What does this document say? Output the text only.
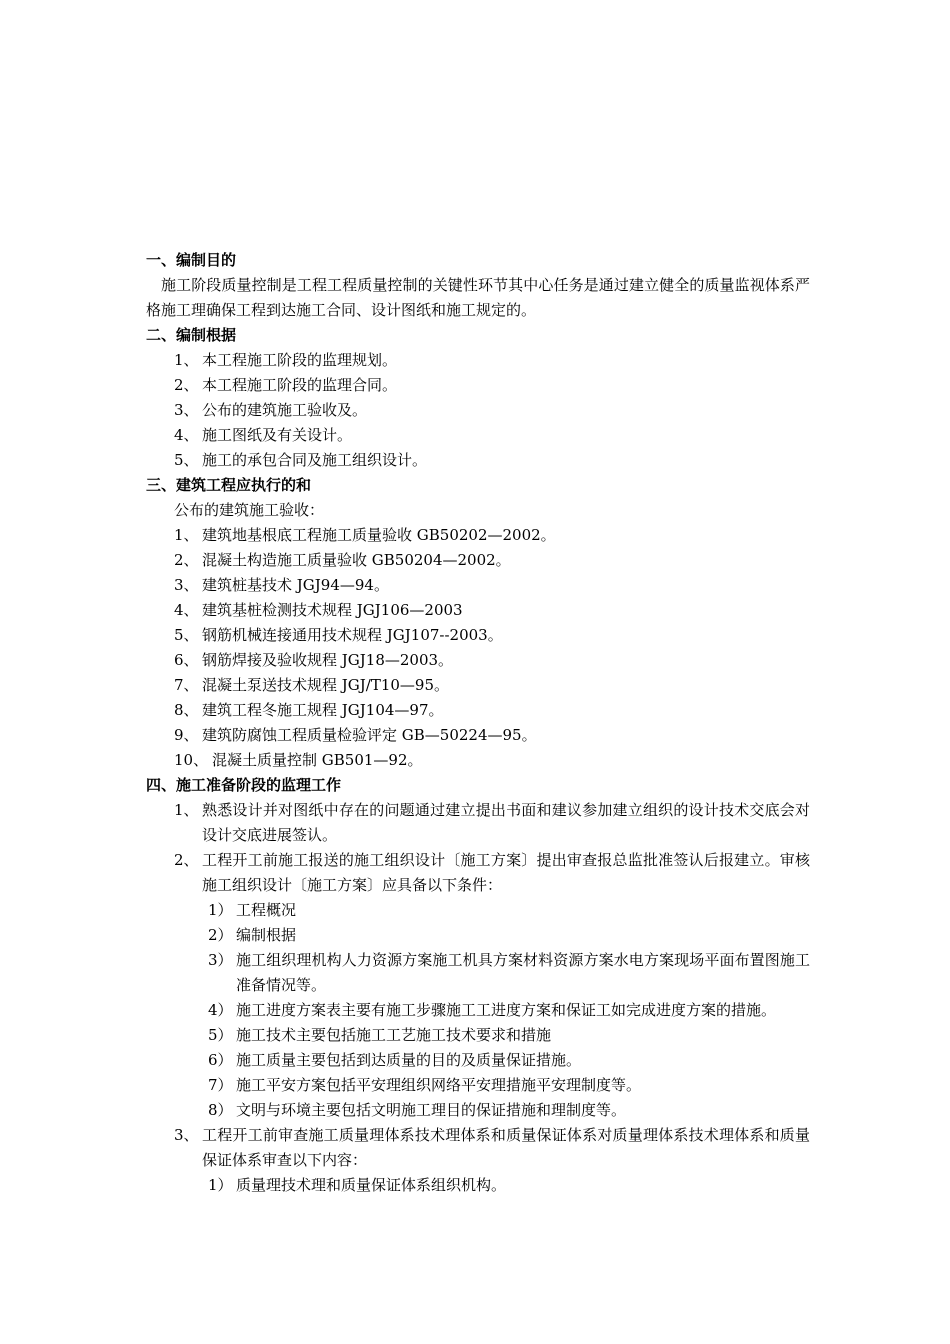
一、编制目的
施工阶段质量控制是工程工程质量控制的关键性环节其中心任务是通过建立健全的质量监视体系严格施工理确保工程到达施工合同、设计图纸和施工规定的。
二、编制根据
1、 本工程施工阶段的监理规划。
2、 本工程施工阶段的监理合同。
3、 公布的建筑施工验收及。
4、 施工图纸及有关设计。
5、 施工的承包合同及施工组织设计。
三、建筑工程应执行的和
公布的建筑施工验收：
1、 建筑地基根底工程施工质量验收 GB50202—2002。
2、 混凝土构造施工质量验收 GB50204—2002。
3、 建筑桩基技术 JGJ94—94。
4、 建筑基桩检测技术规程 JGJ106—2003
5、 钢筋机械连接通用技术规程 JGJ107--2003。
6、 钢筋焊接及验收规程 JGJ18—2003。
7、 混凝土泵送技术规程 JGJ/T10—95。
8、 建筑工程冬施工规程 JGJ104—97。
9、 建筑防腐蚀工程质量检验评定 GB—50224—95。
10、 混凝土质量控制 GB501—92。
四、施工准备阶段的监理工作
1、 熟悉设计并对图纸中存在的问题通过建立提出书面和建议参加建立组织的设计技术交底会对设计交底进展签认。
2、 工程开工前施工报送的施工组织设计〔施工方案〕提出审查报总监批准签认后报建立。审核施工组织设计〔施工方案〕应具备以下条件：
1） 工程概况
2） 编制根据
3） 施工组织理机构人力资源方案施工机具方案材料资源方案水电方案现场平面布置图施工准备情况等。
4） 施工进度方案表主要有施工步骤施工工进度方案和保证工如完成进度方案的措施。
5） 施工技术主要包括施工工艺施工技术要求和措施
6） 施工质量主要包括到达质量的目的及质量保证措施。
7） 施工平安方案包括平安理组织网络平安理措施平安理制度等。
8） 文明与环境主要包括文明施工理目的保证措施和理制度等。
3、 工程开工前审查施工质量理体系技术理体系和质量保证体系对质量理体系技术理体系和质量保证体系审查以下内容：
1） 质量理技术理和质量保证体系组织机构。
